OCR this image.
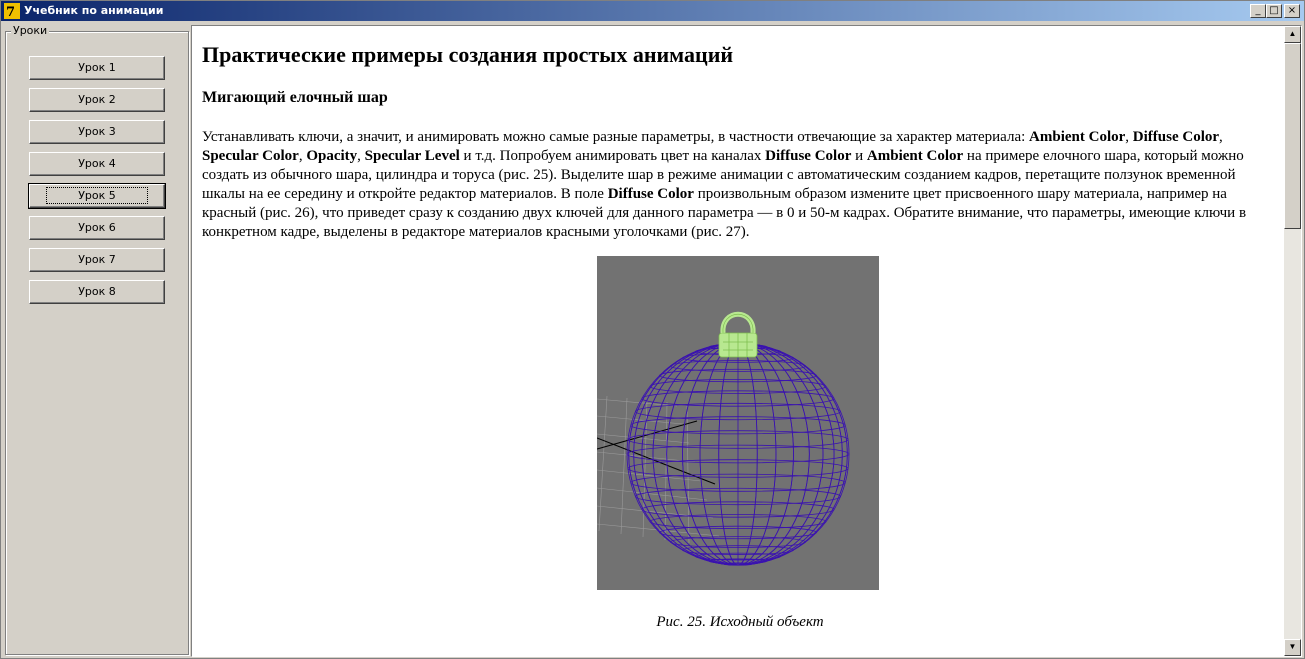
7 Учебник по анимации	_ □ ×
Уроки
Урок 1
Урок 2
Урок 3
Урок 4
Урок 5
Урок 6
Урок 7
Урок 8
Практические примеры создания простых анимаций
Мигающий елочный шар

Устанавливать ключи, а значит, и анимировать можно самые разные параметры, в частности отвечающие за характер материала: Ambient Color, Diffuse Color, Specular Color, Opacity, Specular Level и т.д. Попробуем анимировать цвет на каналах Diffuse Color и Ambient Color на примере елочного шара, который можно создать из обычного шара, цилиндра и торуса (рис. 25). Выделите шар в режиме анимации с автоматическим созданием кадров, перетащите ползунок временной шкалы на ее середину и откройте редактор материалов. В поле Diffuse Color произвольным образом измените цвет присвоенного шару материала, например на красный (рис. 26), что приведет сразу к созданию двух ключей для данного параметра — в 0 и 50-м кадрах. Обратите внимание, что параметры, имеющие ключи в конкретном кадре, выделены в редакторе материалов красными уголочками (рис. 27).

Рис. 25. Исходный объект
▲
▼
